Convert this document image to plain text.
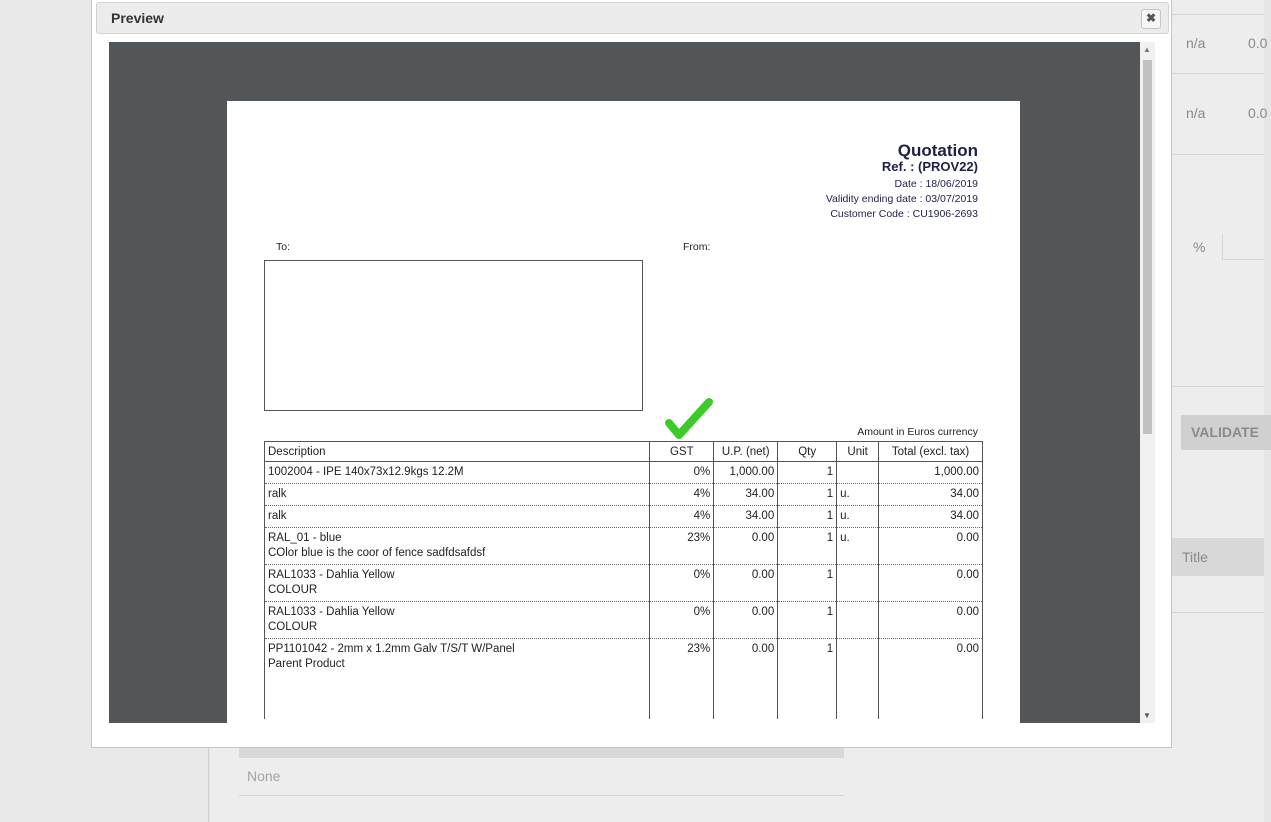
n/a	0.0
n/a	0.0
%
VALIDATE
Title
None
Preview	✖
Quotation
Ref. : (PROV22)
Date : 18/06/2019
Validity ending date : 03/07/2019
Customer Code : CU1906-2693
To:	From:
Amount in Euros currency
Description	GST	U.P. (net)	Qty	Unit	Total (excl. tax)

1002004 - IPE 140x73x12.9kgs 12.2M	0%	1,000.00	1		1,000.00

ralk	4%	34.00	1	u.	34.00

ralk	4%	34.00	1	u.	34.00

RAL_01 - blue
COlor blue is the coor of fence sadfdsafdsf	23%	0.00	1	u.	0.00

RAL1033 - Dahlia Yellow
COLOUR	0%	0.00	1		0.00

RAL1033 - Dahlia Yellow
COLOUR	0%	0.00	1		0.00

PP1101042 - 2mm x 1.2mm Galv T/S/T W/Panel
Parent Product	23%	0.00	1		0.00
▲
▼
